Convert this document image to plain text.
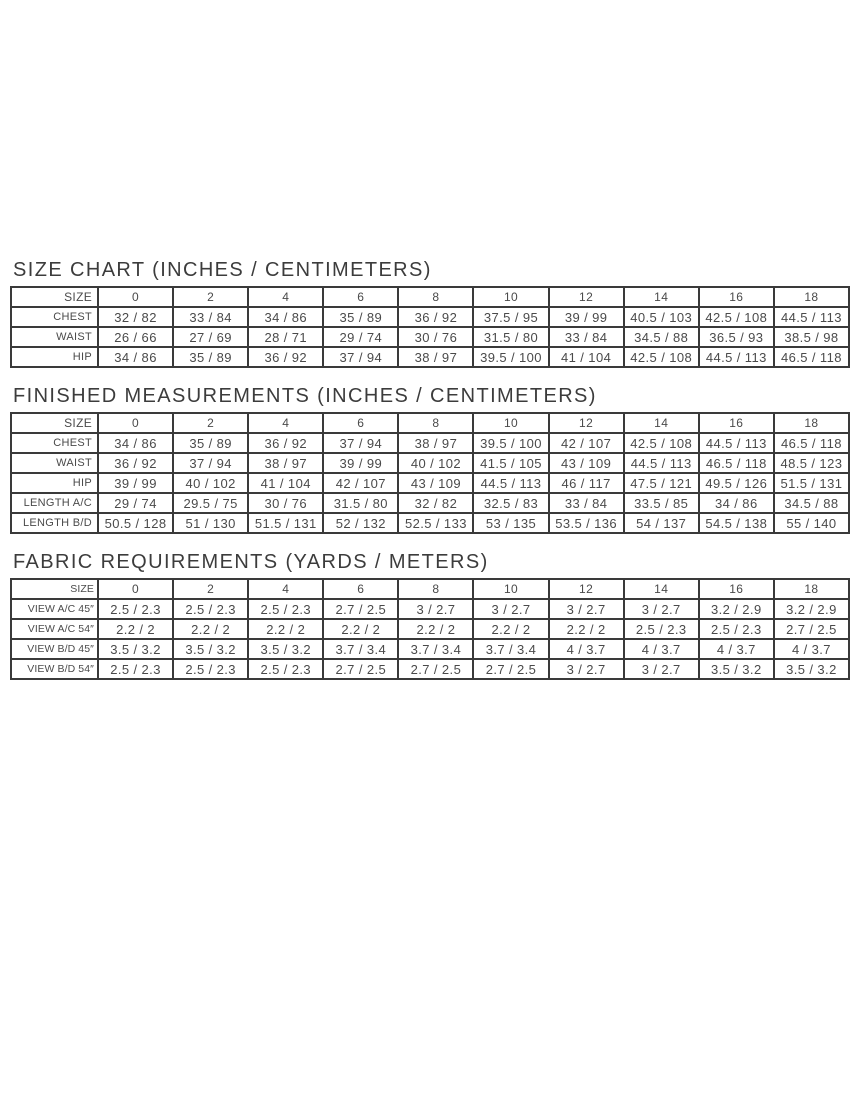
SIZE CHART (INCHES / CENTIMETERS)
SIZE	0	2	4	6	8	10	12	14	16	18
CHEST	32 / 82	33 / 84	34 / 86	35 / 89	36 / 92	37.5 / 95	39 / 99	40.5 / 103	42.5 / 108	44.5 / 113
WAIST	26 / 66	27 / 69	28 / 71	29 / 74	30 / 76	31.5 / 80	33 / 84	34.5 / 88	36.5 / 93	38.5 / 98
HIP	34 / 86	35 / 89	36 / 92	37 / 94	38 / 97	39.5 / 100	41 / 104	42.5 / 108	44.5 / 113	46.5 / 118
FINISHED MEASUREMENTS (INCHES / CENTIMETERS)
SIZE	0	2	4	6	8	10	12	14	16	18
CHEST	34 / 86	35 / 89	36 / 92	37 / 94	38 / 97	39.5 / 100	42 / 107	42.5 / 108	44.5 / 113	46.5 / 118
WAIST	36 / 92	37 / 94	38 / 97	39 / 99	40 / 102	41.5 / 105	43 / 109	44.5 / 113	46.5 / 118	48.5 / 123
HIP	39 / 99	40 / 102	41 / 104	42 / 107	43 / 109	44.5 / 113	46 / 117	47.5 / 121	49.5 / 126	51.5 / 131
LENGTH A/C	29 / 74	29.5 / 75	30 / 76	31.5 / 80	32 / 82	32.5 / 83	33 / 84	33.5 / 85	34 / 86	34.5 / 88
LENGTH B/D	50.5 / 128	51 / 130	51.5 / 131	52 / 132	52.5 / 133	53 / 135	53.5 / 136	54 / 137	54.5 / 138	55 / 140
FABRIC REQUIREMENTS (YARDS / METERS)
SIZE	0	2	4	6	8	10	12	14	16	18
VIEW A/C 45″	2.5 / 2.3	2.5 / 2.3	2.5 / 2.3	2.7 / 2.5	3 / 2.7	3 / 2.7	3 / 2.7	3 / 2.7	3.2 / 2.9	3.2 / 2.9
VIEW A/C 54″	2.2 / 2	2.2 / 2	2.2 / 2	2.2 / 2	2.2 / 2	2.2 / 2	2.2 / 2	2.5 / 2.3	2.5 / 2.3	2.7 / 2.5
VIEW B/D 45″	3.5 / 3.2	3.5 / 3.2	3.5 / 3.2	3.7 / 3.4	3.7 / 3.4	3.7 / 3.4	4 / 3.7	4 / 3.7	4 / 3.7	4 / 3.7
VIEW B/D 54″	2.5 / 2.3	2.5 / 2.3	2.5 / 2.3	2.7 / 2.5	2.7 / 2.5	2.7 / 2.5	3 / 2.7	3 / 2.7	3.5 / 3.2	3.5 / 3.2
